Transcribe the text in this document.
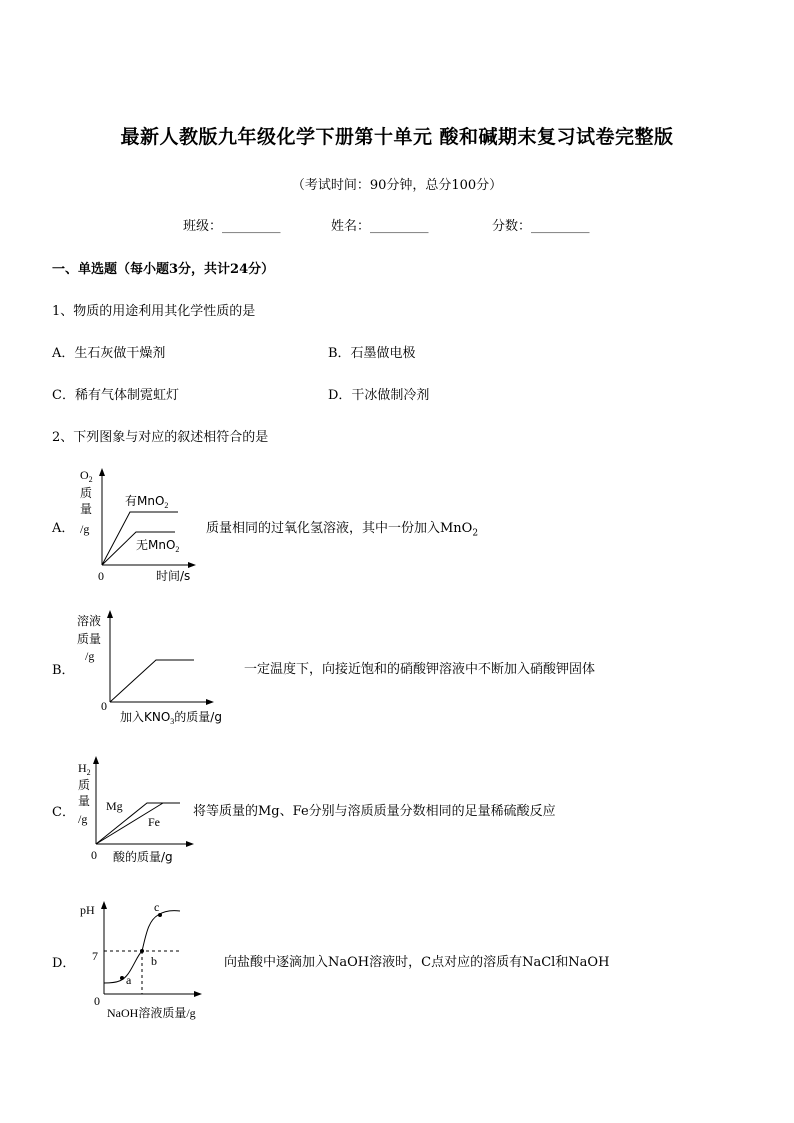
最新人教版九年级化学下册第十单元 酸和碱期末复习试卷完整版
（考试时间：90分钟，总分100分）
班级：_________	姓名：_________	分数：_________
一、单选题（每小题3分，共计24分）
1、物质的用途利用其化学性质的是
A．生石灰做干燥剂	B．石墨做电极
C．稀有气体制霓虹灯	D．干冰做制冷剂
2、下列图象与对应的叙述相符合的是
A．
$O_2$
质
量
/g
0	时间/s
有MnO$_2$
无MnO$_2$
质量相同的过氧化氢溶液，其中一份加入MnO$_2$
B．
溶液
质量
/g
0
加入$KNO_3$的质量/g
一定温度下，向接近饱和的硝酸钾溶液中不断加入硝酸钾固体
C．
$H_2$
质
量
/g
0 酸的质量/g
Mg
Fe
将等质量的Mg、Fe分别与溶质质量分数相同的足量稀硫酸反应
D．
pH
7
0
NaOH溶液质量/g
a
b
c
向盐酸中逐滴加入NaOH溶液时，C点对应的溶质有NaCl和NaOH
